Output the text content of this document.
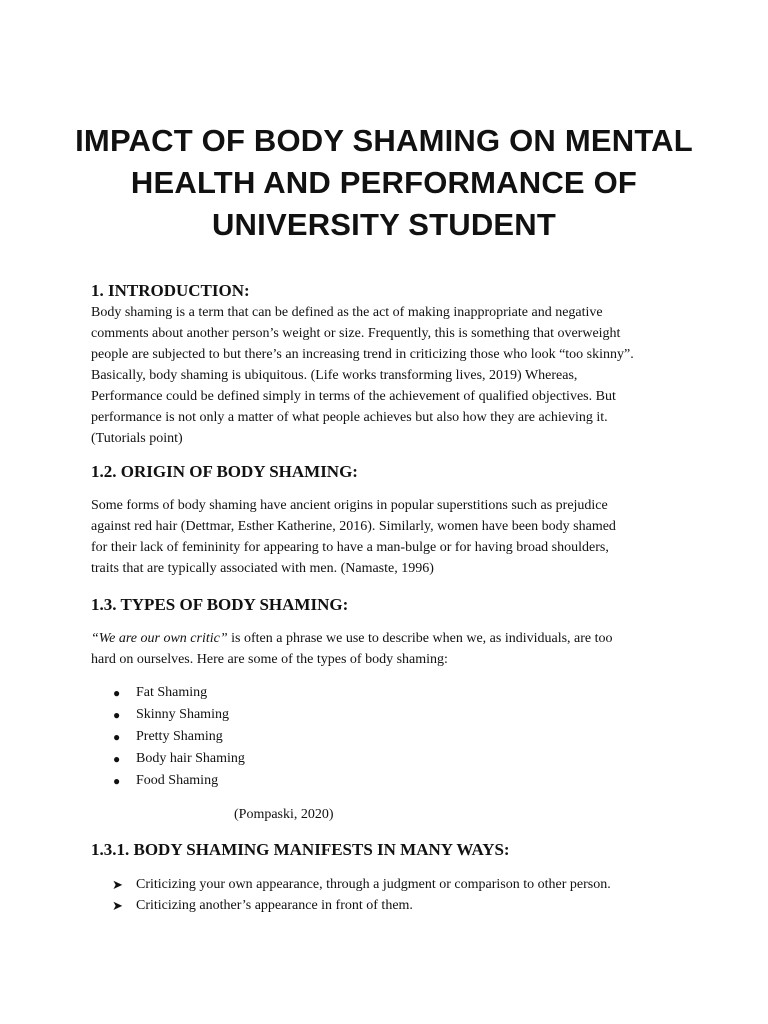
IMPACT OF BODY SHAMING ON MENTAL
HEALTH AND PERFORMANCE OF
UNIVERSITY STUDENT
1. INTRODUCTION:
Body shaming is a term that can be defined as the act of making inappropriate and negative
comments about another person’s weight or size. Frequently, this is something that overweight
people are subjected to but there’s an increasing trend in criticizing those who look “too skinny”.
Basically, body shaming is ubiquitous. (Life works transforming lives, 2019) Whereas,
Performance could be defined simply in terms of the achievement of qualified objectives. But
performance is not only a matter of what people achieves but also how they are achieving it.
(Tutorials point)
1.2. ORIGIN OF BODY SHAMING:
Some forms of body shaming have ancient origins in popular superstitions such as prejudice
against red hair (Dettmar, Esther Katherine, 2016). Similarly, women have been body shamed
for their lack of femininity for appearing to have a man-bulge or for having broad shoulders,
traits that are typically associated with men. (Namaste, 1996)
1.3. TYPES OF BODY SHAMING:
“We are our own critic” is often a phrase we use to describe when we, as individuals, are too
hard on ourselves. Here are some of the types of body shaming:
● Fat Shaming
● Skinny Shaming
● Pretty Shaming
● Body hair Shaming
● Food Shaming
(Pompaski, 2020)
1.3.1. BODY SHAMING MANIFESTS IN MANY WAYS:
➤ Criticizing your own appearance, through a judgment or comparison to other person.
➤ Criticizing another’s appearance in front of them.
